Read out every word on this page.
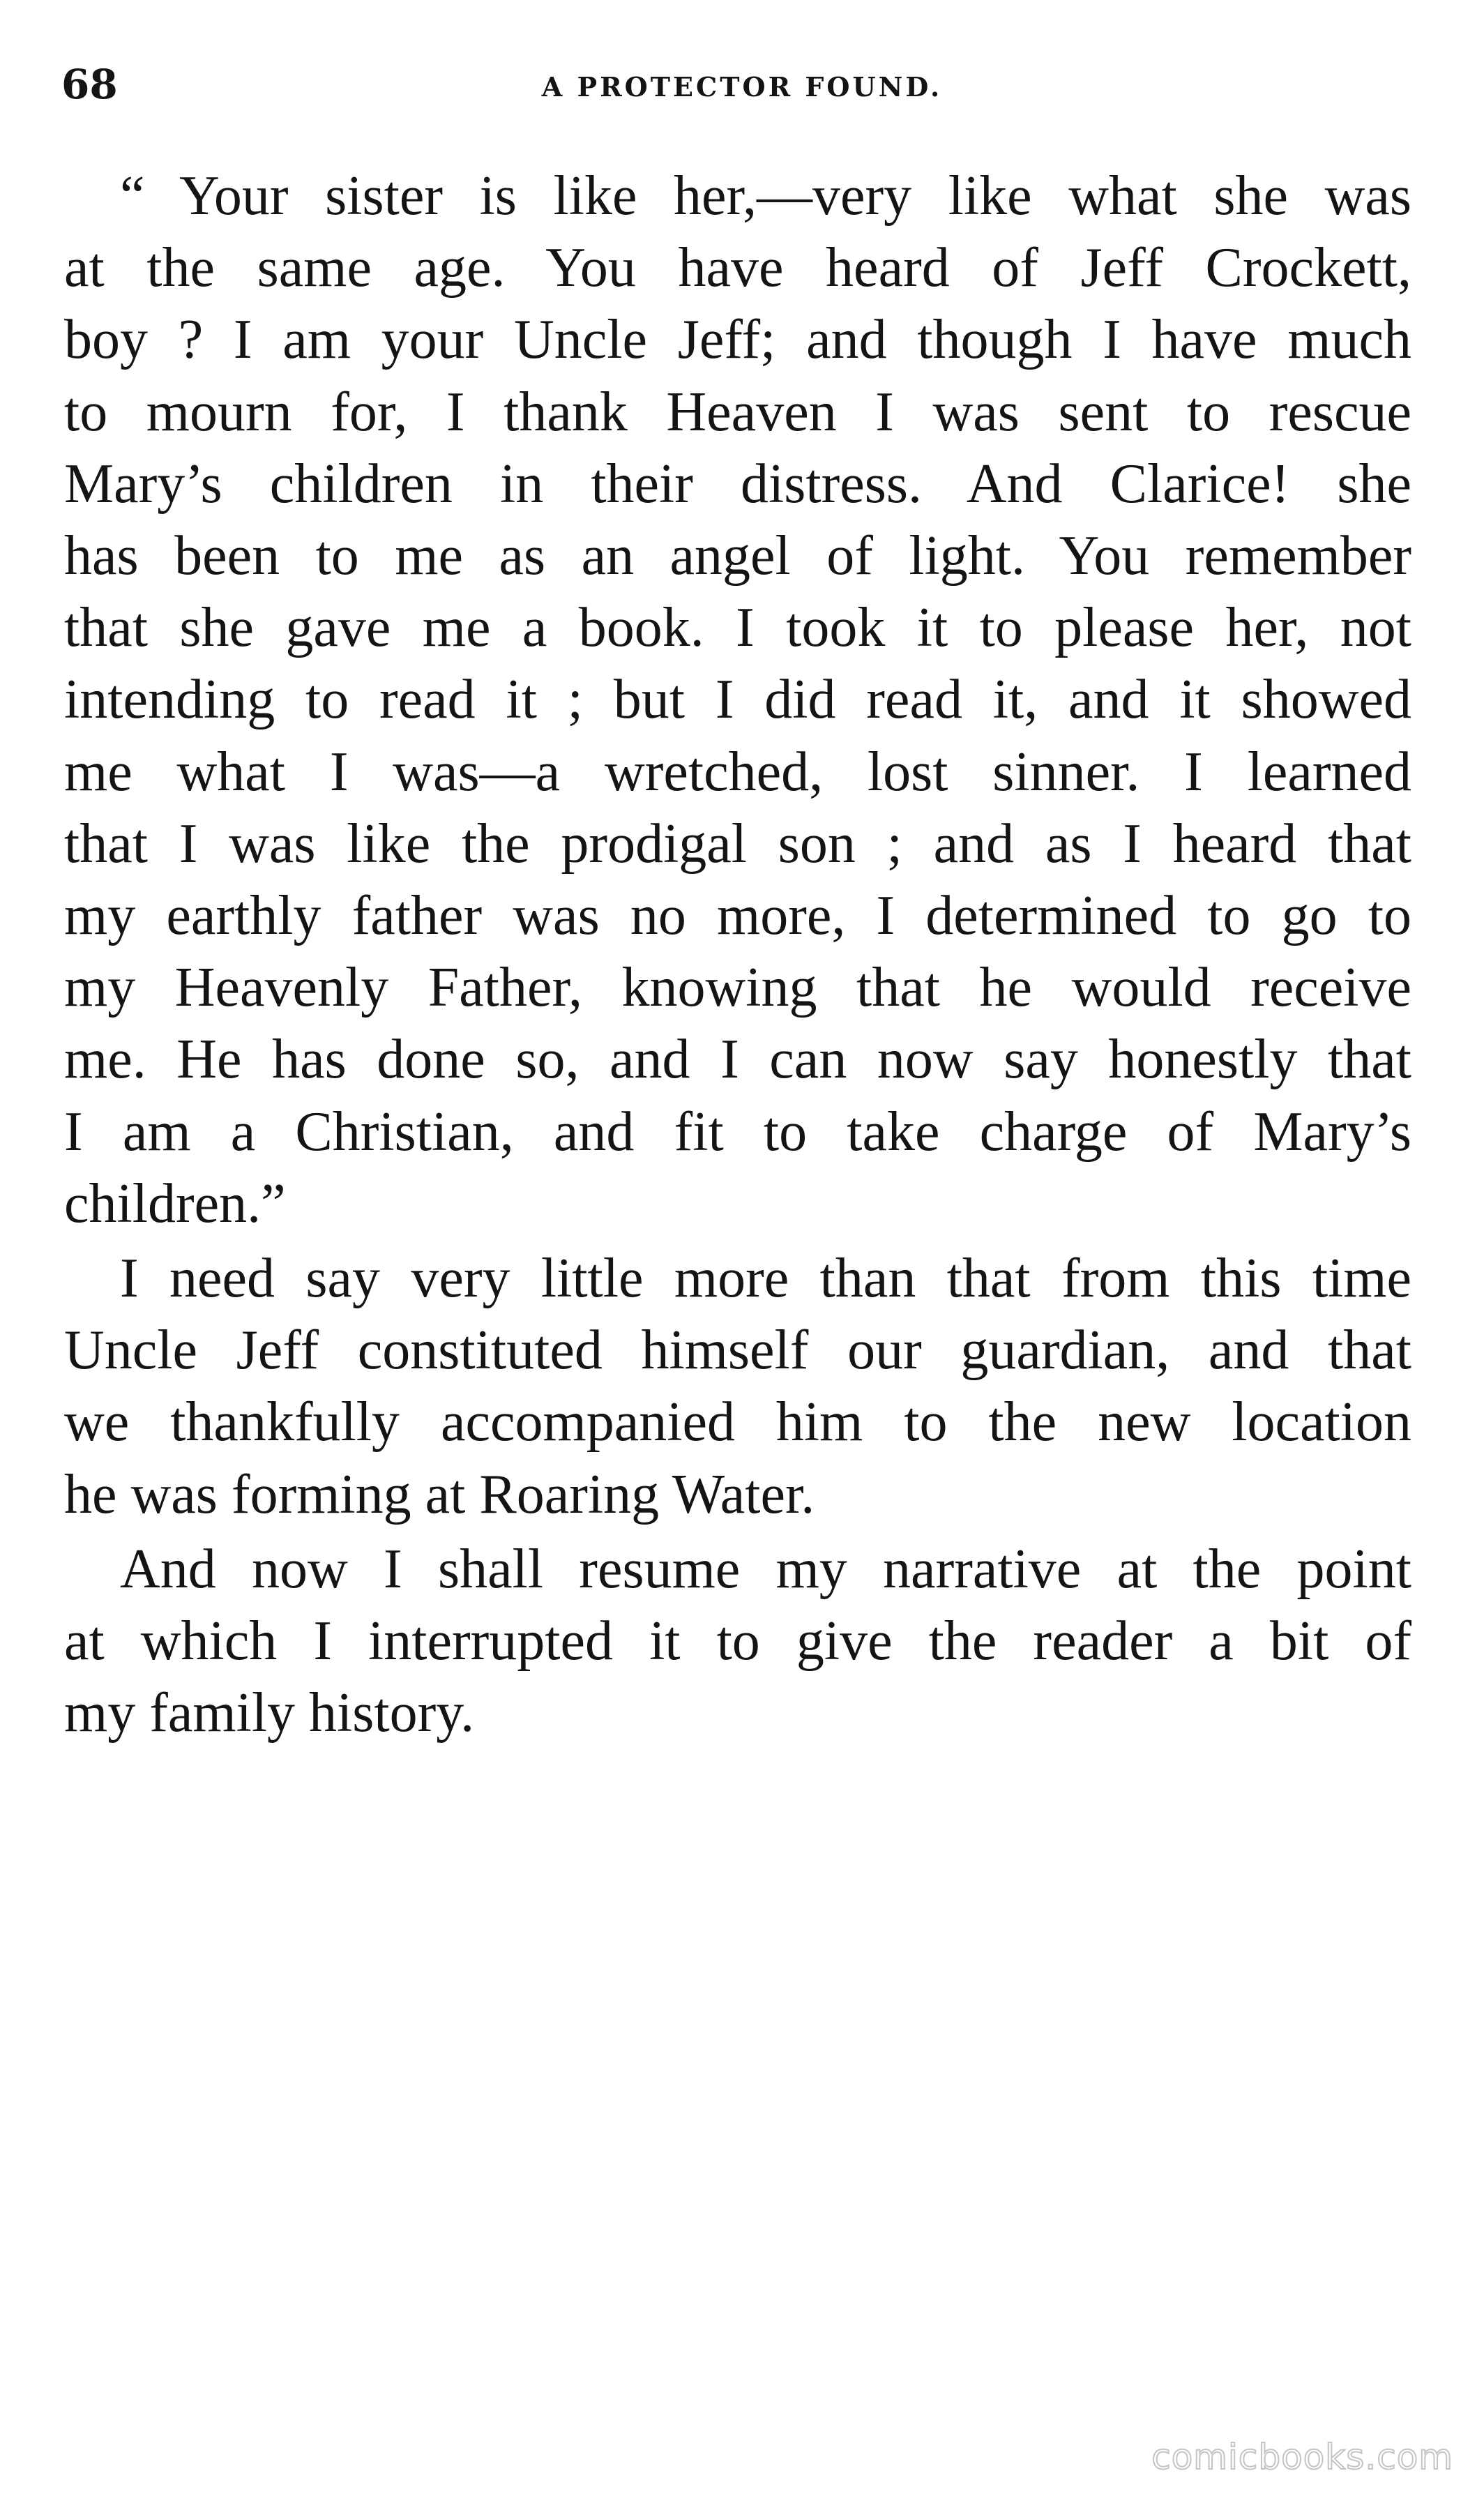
68	A PROTECTOR FOUND.
“ Your sister is like her,—very like what she was
at the same age. You have heard of Jeff Crockett,
boy ? I am your Uncle Jeff; and though I have much
to mourn for, I thank Heaven I was sent to rescue
Mary’s children in their distress. And Clarice! she
has been to me as an angel of light. You remember
that she gave me a book. I took it to please her, not
intending to read it ; but I did read it, and it showed
me what I was—a wretched, lost sinner. I learned
that I was like the prodigal son ; and as I heard that
my earthly father was no more, I determined to go to
my Heavenly Father, knowing that he would receive
me. He has done so, and I can now say honestly that
I am a Christian, and fit to take charge of Mary’s
children.”
I need say very little more than that from this time
Uncle Jeff constituted himself our guardian, and that
we thankfully accompanied him to the new location
he was forming at Roaring Water.
And now I shall resume my narrative at the point
at which I interrupted it to give the reader a bit of
my family history.
comicbooks.com
